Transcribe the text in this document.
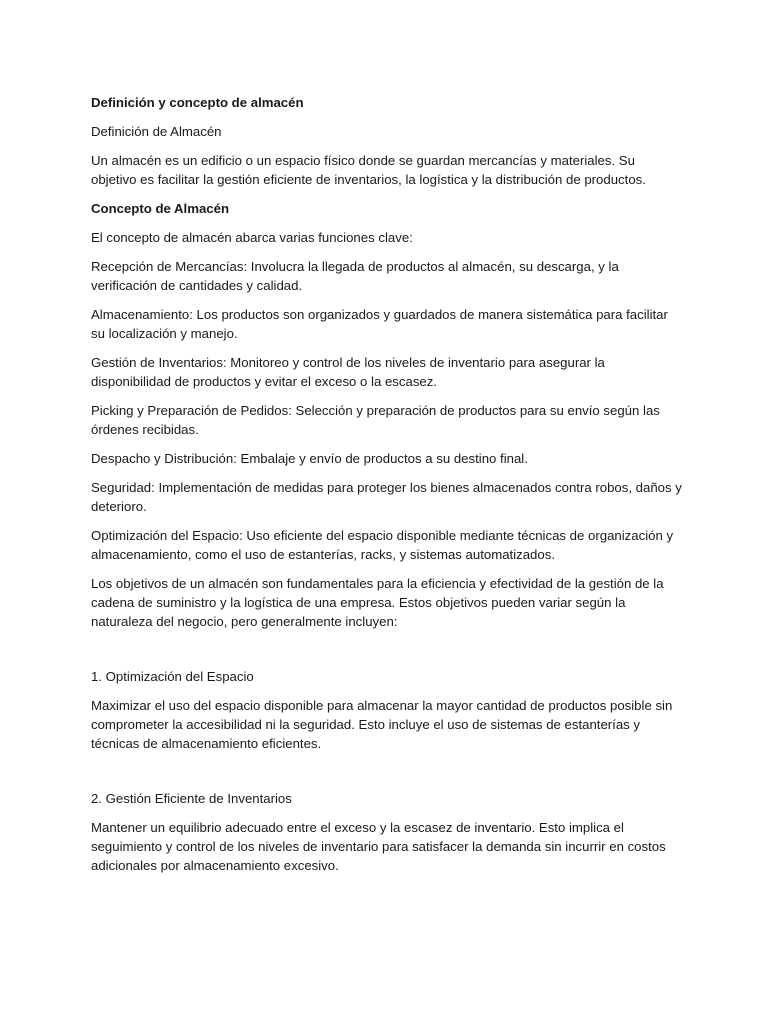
Definición y concepto de almacén

Definición de Almacén

Un almacén es un edificio o un espacio físico donde se guardan mercancías y materiales. Su objetivo es facilitar la gestión eficiente de inventarios, la logística y la distribución de productos.

Concepto de Almacén

El concepto de almacén abarca varias funciones clave:

Recepción de Mercancías: Involucra la llegada de productos al almacén, su descarga, y la verificación de cantidades y calidad.

Almacenamiento: Los productos son organizados y guardados de manera sistemática para facilitar su localización y manejo.

Gestión de Inventarios: Monitoreo y control de los niveles de inventario para asegurar la disponibilidad de productos y evitar el exceso o la escasez.

Picking y Preparación de Pedidos: Selección y preparación de productos para su envío según las órdenes recibidas.

Despacho y Distribución: Embalaje y envío de productos a su destino final.

Seguridad: Implementación de medidas para proteger los bienes almacenados contra robos, daños y deterioro.

Optimización del Espacio: Uso eficiente del espacio disponible mediante técnicas de organización y almacenamiento, como el uso de estanterías, racks, y sistemas automatizados.

Los objetivos de un almacén son fundamentales para la eficiencia y efectividad de la gestión de la cadena de suministro y la logística de una empresa. Estos objetivos pueden variar según la naturaleza del negocio, pero generalmente incluyen:

1. Optimización del Espacio

Maximizar el uso del espacio disponible para almacenar la mayor cantidad de productos posible sin comprometer la accesibilidad ni la seguridad. Esto incluye el uso de sistemas de estanterías y técnicas de almacenamiento eficientes.

2. Gestión Eficiente de Inventarios

Mantener un equilibrio adecuado entre el exceso y la escasez de inventario. Esto implica el seguimiento y control de los niveles de inventario para satisfacer la demanda sin incurrir en costos adicionales por almacenamiento excesivo.
